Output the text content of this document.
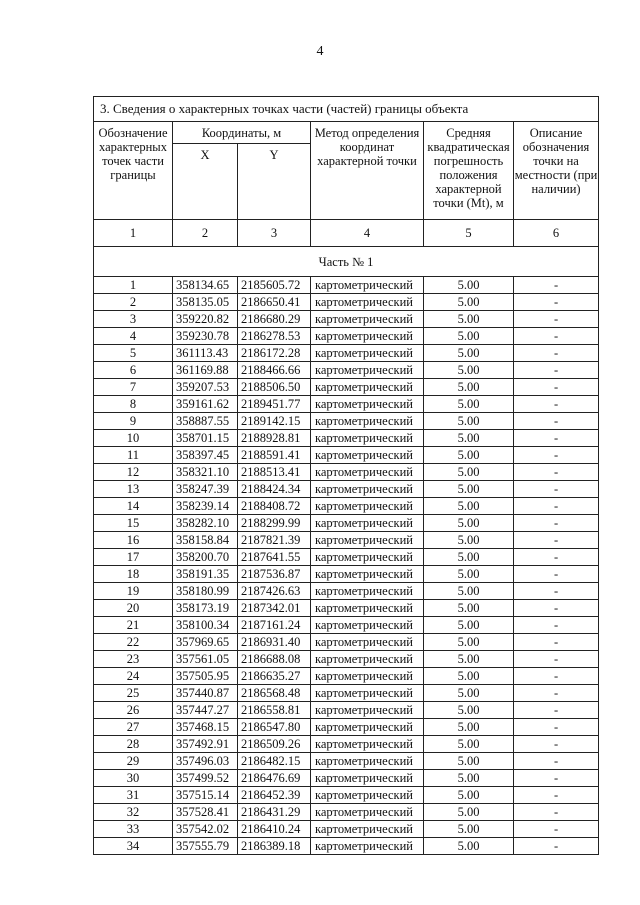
4
3. Сведения о характерных точках части (частей) границы объекта					
Обозначение характерных точек части границы	Координаты, м		Метод определения координат характерной точки	Средняя квадратическая погрешность положения характерной точки (Mt), м	Описание обозначения точки на местности (при наличии)
	X	Y			
1	2	3	4	5	6
Часть № 1					
1	358134.65	2185605.72	картометрический	5.00	-
2	358135.05	2186650.41	картометрический	5.00	-
3	359220.82	2186680.29	картометрический	5.00	-
4	359230.78	2186278.53	картометрический	5.00	-
5	361113.43	2186172.28	картометрический	5.00	-
6	361169.88	2188466.66	картометрический	5.00	-
7	359207.53	2188506.50	картометрический	5.00	-
8	359161.62	2189451.77	картометрический	5.00	-
9	358887.55	2189142.15	картометрический	5.00	-
10	358701.15	2188928.81	картометрический	5.00	-
11	358397.45	2188591.41	картометрический	5.00	-
12	358321.10	2188513.41	картометрический	5.00	-
13	358247.39	2188424.34	картометрический	5.00	-
14	358239.14	2188408.72	картометрический	5.00	-
15	358282.10	2188299.99	картометрический	5.00	-
16	358158.84	2187821.39	картометрический	5.00	-
17	358200.70	2187641.55	картометрический	5.00	-
18	358191.35	2187536.87	картометрический	5.00	-
19	358180.99	2187426.63	картометрический	5.00	-
20	358173.19	2187342.01	картометрический	5.00	-
21	358100.34	2187161.24	картометрический	5.00	-
22	357969.65	2186931.40	картометрический	5.00	-
23	357561.05	2186688.08	картометрический	5.00	-
24	357505.95	2186635.27	картометрический	5.00	-
25	357440.87	2186568.48	картометрический	5.00	-
26	357447.27	2186558.81	картометрический	5.00	-
27	357468.15	2186547.80	картометрический	5.00	-
28	357492.91	2186509.26	картометрический	5.00	-
29	357496.03	2186482.15	картометрический	5.00	-
30	357499.52	2186476.69	картометрический	5.00	-
31	357515.14	2186452.39	картометрический	5.00	-
32	357528.41	2186431.29	картометрический	5.00	-
33	357542.02	2186410.24	картометрический	5.00	-
34	357555.79	2186389.18	картометрический	5.00	-
